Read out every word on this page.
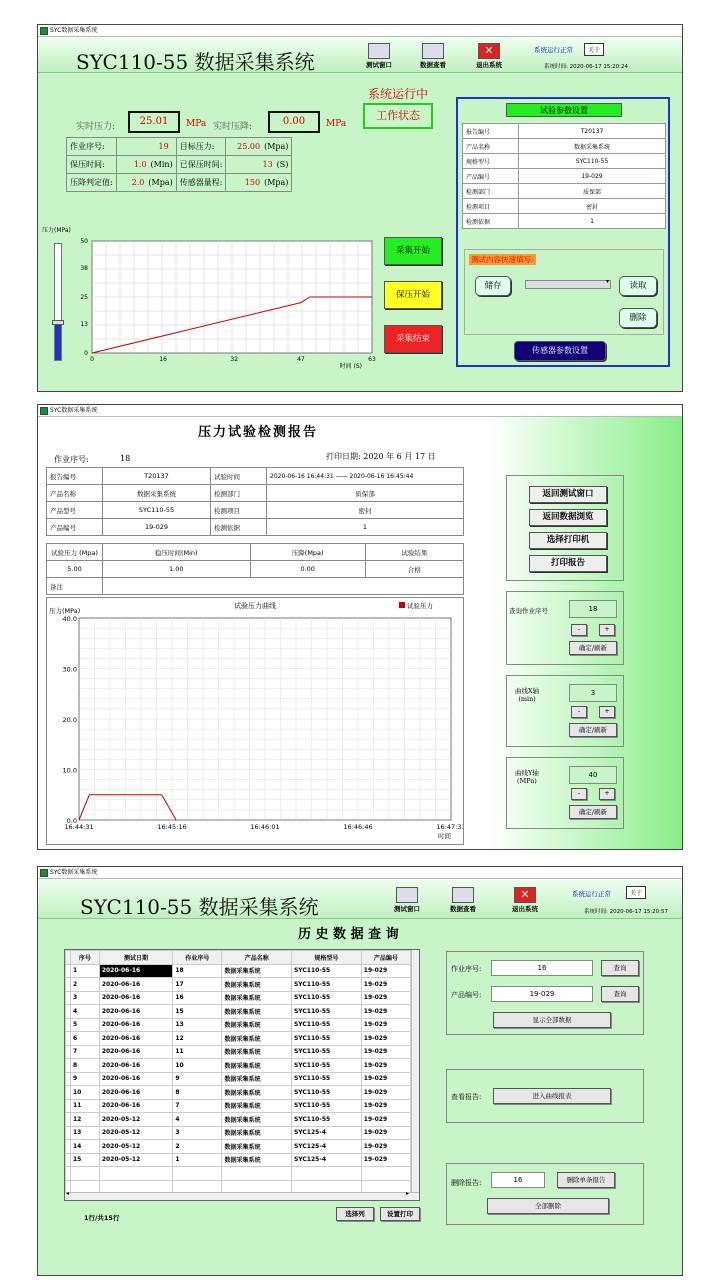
SYC数据采集系统
SYC110-55 数据采集系统	测试窗口	数据查看
✕
退出系统
系统运行正常	关于
系统时间: 2020-06-17 15:20:24
系统运行中
工作状态
实时压力:	25.01	MPa 实时压降:	0.00	MPa
作业序号:	19	目标压力:	25.00 (Mpa)
保压时间:	1.0 (Min)	已保压时间:	13 (S)
压降判定值:	2.0 (Mpa)	传感器量程:	150 (Mpa)
压力(MPa)
0
13
25
38
50
0	16	32	47	63
时间 (S)
采集开始
保压开始
采集结束
试验参数设置
报告编号	T20137
产品名称	数据采集系统
规格型号	SYC110-55
产品编号	19-029
检测部门	质保部
检测项目	密封
检测依据	1
测试内容快速填写:
储存	▾	读取
删除
传感器参数设置
SYC数据采集系统
压力试验检测报告
作业序号:	18	打印日期: 2020 年 6 月 17 日
报告编号	T20137	试验时间	2020-06-16 16:44:31 —— 2020-06-16 16:45:44
产品名称	数据采集系统	检测部门	质保部
产品型号	SYC110-55	检测项目	密封
产品编号	19-029	检测依据	1
试验压力 (Mpa)	稳压时间(Min)	压降(Mpa)	试验结果
5.00	1.00	0.00	合格
备注			
试验压力曲线
压力(MPa)
试验压力
40.0
30.0
20.0
10.0
0.0
16:44:31	16:45:16	16:46:01	16:46:46	16:47:31
时间
返回测试窗口
返回数据浏览
选择打印机
打印报告
查询作业序号	18
-	+
确定/刷新
曲线X轴
(min)
3
-	+
确定/刷新
曲线Y轴
(MPa)
40
-	+
确定/刷新
SYC数据采集系统
SYC110-55 数据采集系统	测试窗口	数据查看
✕
退出系统
系统运行正常	关于
系统时间: 2020-06-17 15:20:57
历 史 数 据 查 询
	序号	测试日期	作业序号	产品名称	规格型号	产品编号
	1	2020-06-16	18	数据采集系统	SYC110-55	19-029
	2	2020-06-16	17	数据采集系统	SYC110-55	19-029
	3	2020-06-16	16	数据采集系统	SYC110-55	19-029
	4	2020-06-16	15	数据采集系统	SYC110-55	19-029
	5	2020-06-16	13	数据采集系统	SYC110-55	19-029
	6	2020-06-16	12	数据采集系统	SYC110-55	19-029
	7	2020-06-16	11	数据采集系统	SYC110-55	19-029
	8	2020-06-16	10	数据采集系统	SYC110-55	19-029
	9	2020-06-16	9	数据采集系统	SYC110-55	19-029
	10	2020-06-16	8	数据采集系统	SYC110-55	19-029
	11	2020-06-16	7	数据采集系统	SYC110-55	19-029
	12	2020-05-12	4	数据采集系统	SYC110-55	19-029
	13	2020-05-12	3	数据采集系统	SYC125-4	19-029
	14	2020-05-12	2	数据采集系统	SYC125-4	19-029
	15	2020-05-12	1	数据采集系统	SYC125-4	19-029

◂	▸
1行/共15行	选择列	设置打印
作业序号:	16	查询
产品编号:	19-029	查询
显示全部数据
查看报告:	进入曲线报表
删除报告:	16	删除单条报告
全部删除
